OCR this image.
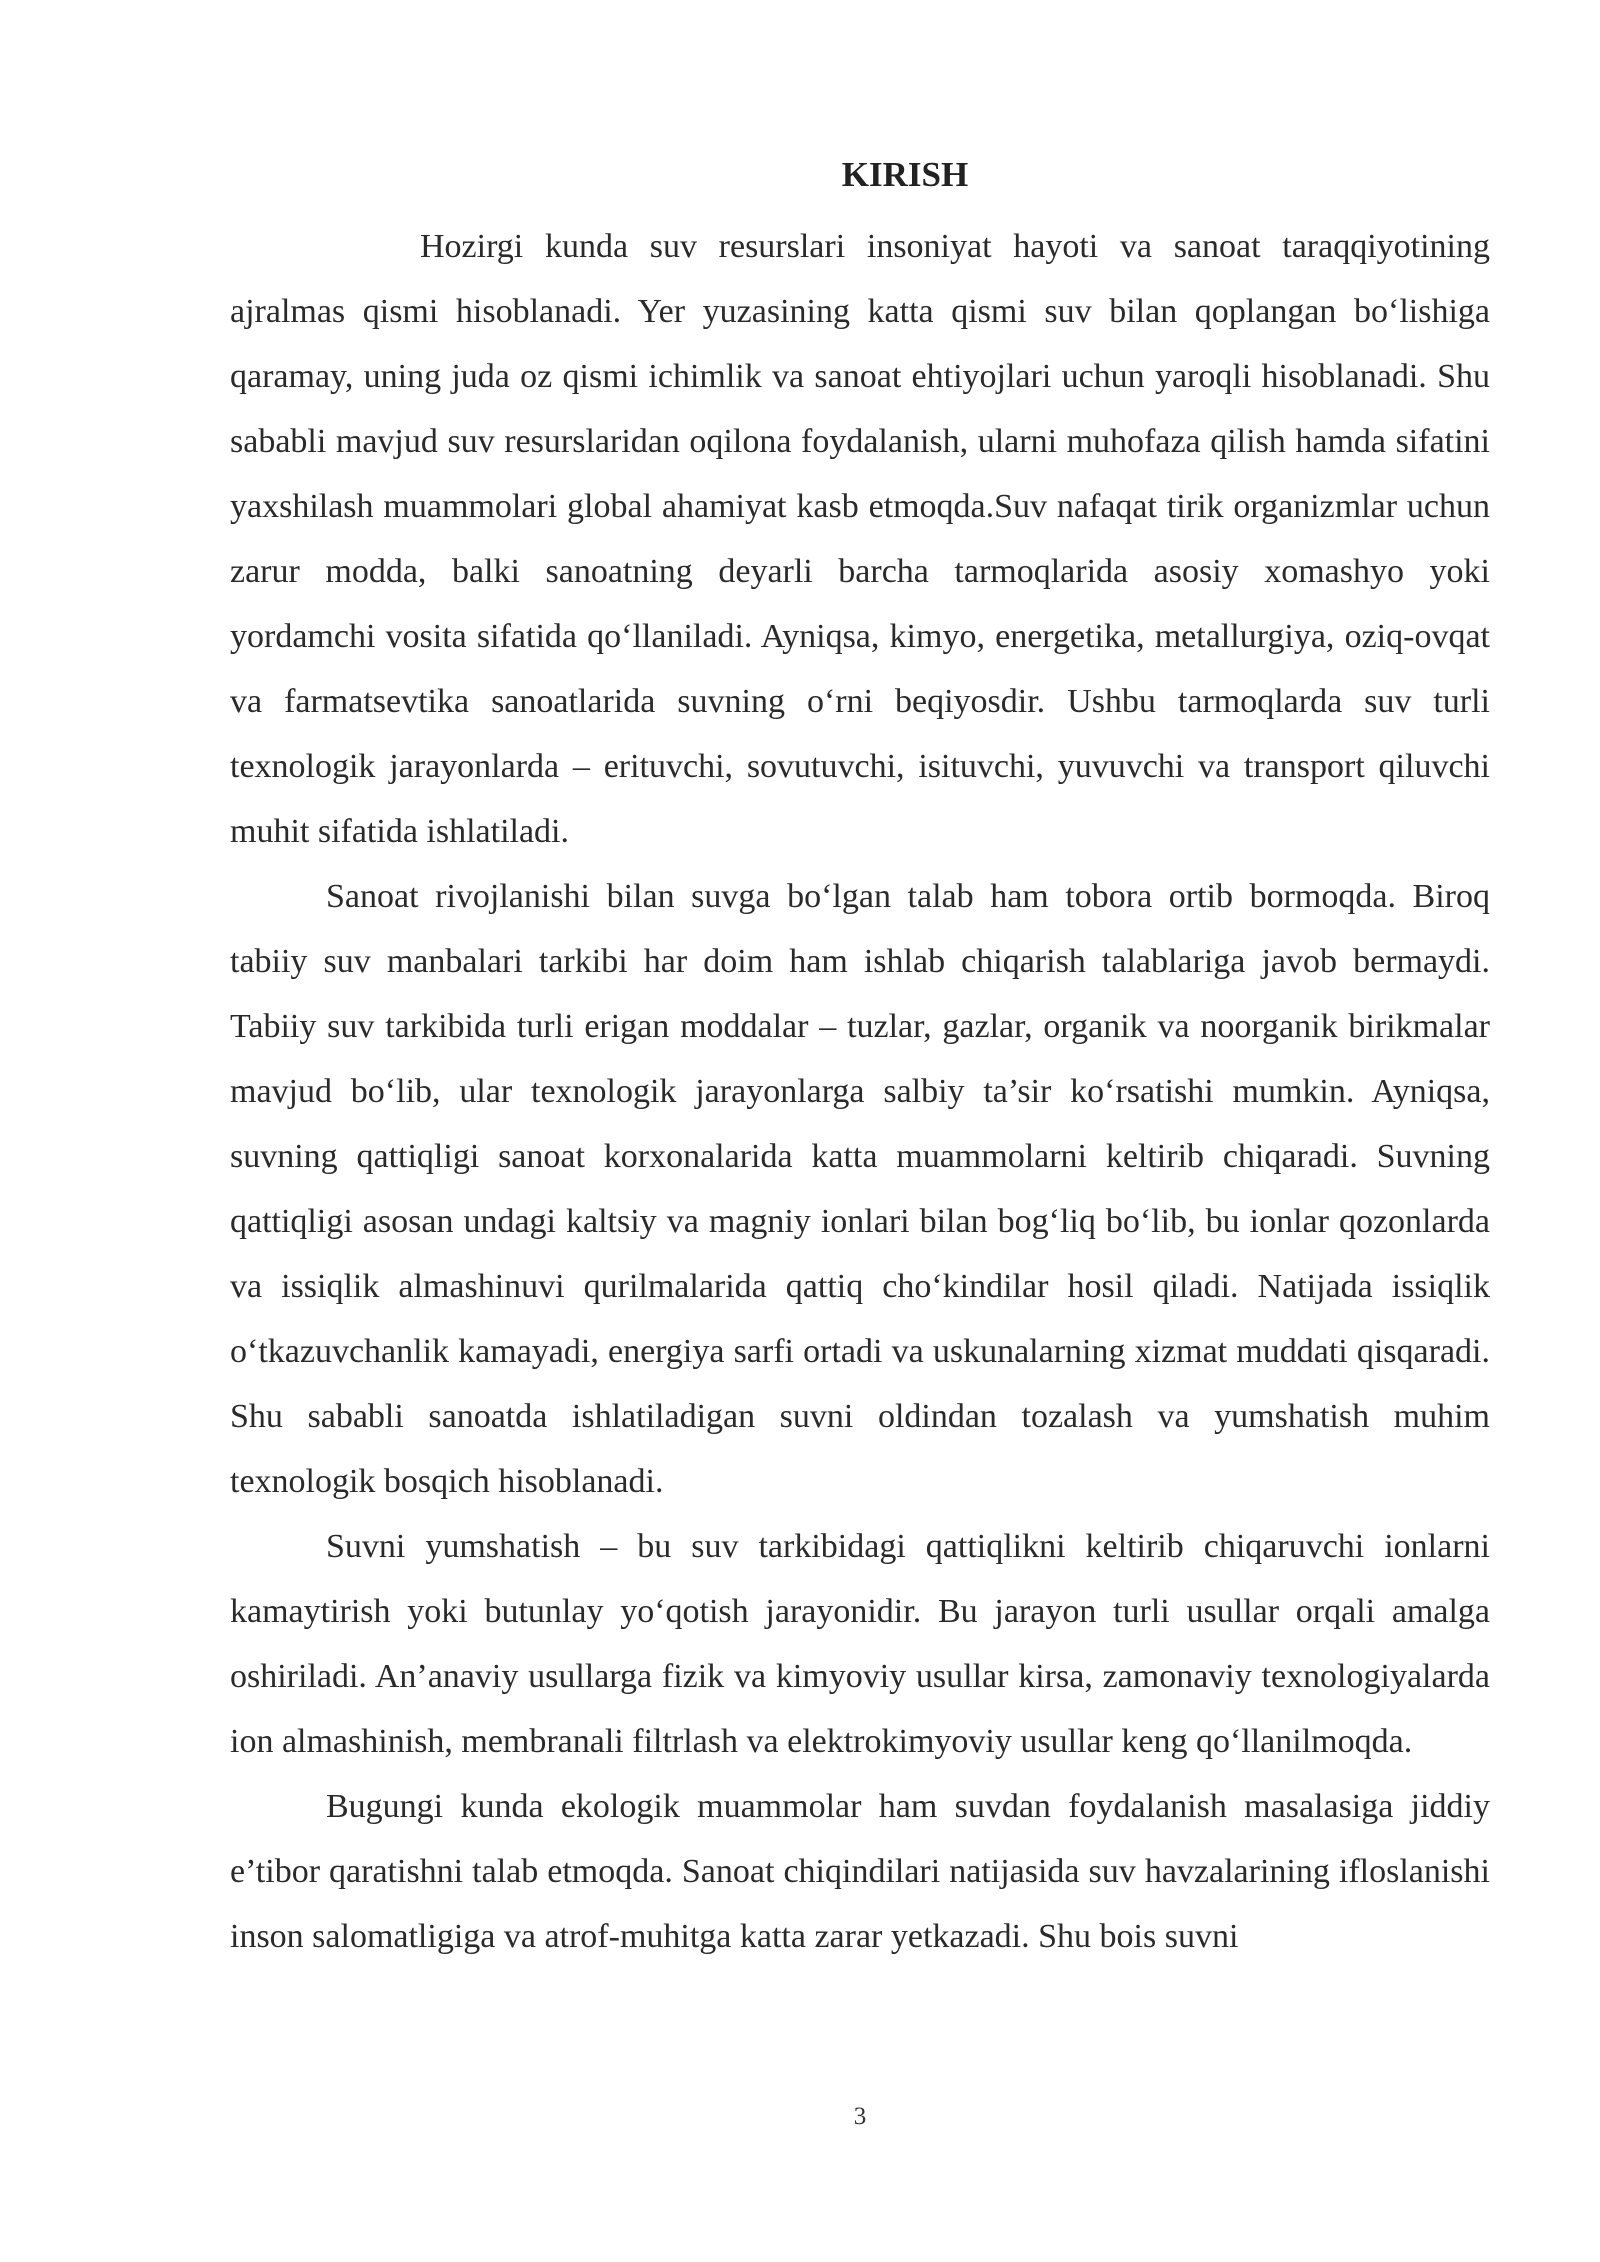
KIRISH

Hozirgi kunda suv resurslari insoniyat hayoti va sanoat taraqqiyotining ajralmas qismi hisoblanadi. Yer yuzasining katta qismi suv bilan qoplangan bo‘lishiga qaramay, uning juda oz qismi ichimlik va sanoat ehtiyojlari uchun yaroqli hisoblanadi. Shu sababli mavjud suv resurslaridan oqilona foydalanish, ularni muhofaza qilish hamda sifatini yaxshilash muammolari global ahamiyat kasb etmoqda.Suv nafaqat tirik organizmlar uchun zarur modda, balki sanoatning deyarli barcha tarmoqlarida asosiy xomashyo yoki yordamchi vosita sifatida qo‘llaniladi. Ayniqsa, kimyo, energetika, metallurgiya, oziq-ovqat va farmatsevtika sanoatlarida suvning o‘rni beqiyosdir. Ushbu tarmoqlarda suv turli texnologik jarayonlarda – erituvchi, sovutuvchi, isituvchi, yuvuvchi va transport qiluvchi muhit sifatida ishlatiladi.

Sanoat rivojlanishi bilan suvga bo‘lgan talab ham tobora ortib bormoqda. Biroq tabiiy suv manbalari tarkibi har doim ham ishlab chiqarish talablariga javob bermaydi. Tabiiy suv tarkibida turli erigan moddalar – tuzlar, gazlar, organik va noorganik birikmalar mavjud bo‘lib, ular texnologik jarayonlarga salbiy ta’sir ko‘rsatishi mumkin. Ayniqsa, suvning qattiqligi sanoat korxonalarida katta muammolarni keltirib chiqaradi. Suvning qattiqligi asosan undagi kaltsiy va magniy ionlari bilan bog‘liq bo‘lib, bu ionlar qozonlarda va issiqlik almashinuvi qurilmalarida qattiq cho‘kindilar hosil qiladi. Natijada issiqlik o‘tkazuvchanlik kamayadi, energiya sarfi ortadi va uskunalarning xizmat muddati qisqaradi. Shu sababli sanoatda ishlatiladigan suvni oldindan tozalash va yumshatish muhim texnologik bosqich hisoblanadi.

Suvni yumshatish – bu suv tarkibidagi qattiqlikni keltirib chiqaruvchi ionlarni kamaytirish yoki butunlay yo‘qotish jarayonidir. Bu jarayon turli usullar orqali amalga oshiriladi. An’anaviy usullarga fizik va kimyoviy usullar kirsa, zamonaviy texnologiyalarda ion almashinish, membranali filtrlash va elektrokimyoviy usullar keng qo‘llanilmoqda.

Bugungi kunda ekologik muammolar ham suvdan foydalanish masalasiga jiddiy e’tibor qaratishni talab etmoqda. Sanoat chiqindilari natijasida suv havzalarining ifloslanishi inson salomatligiga va atrof-muhitga katta zarar yetkazadi. Shu bois suvni

3
